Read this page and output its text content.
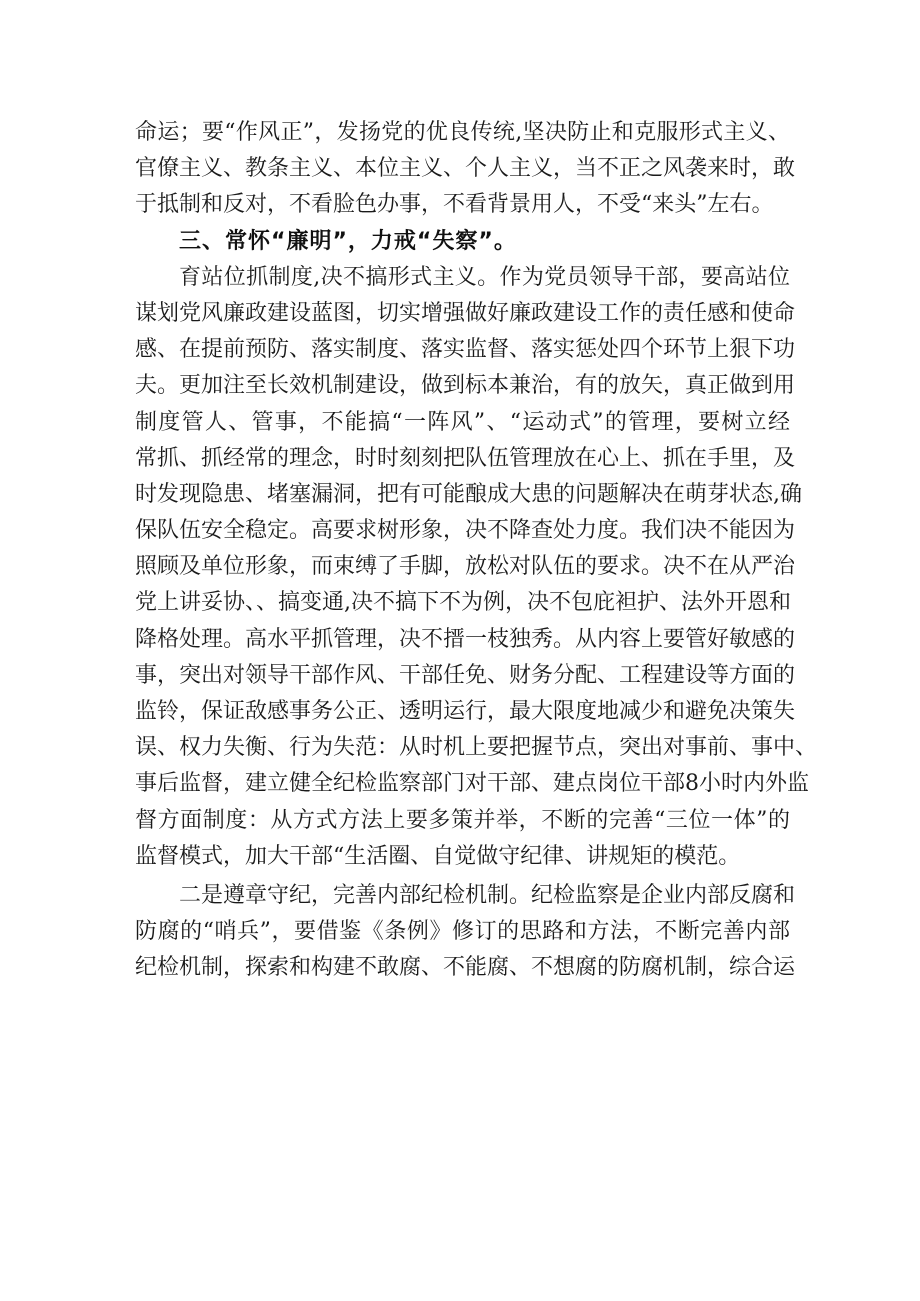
命运；要“作风正”，发扬党的优良传统,坚决防止和克服形式主义、
官僚主义、教条主义、本位主义、个人主义，当不正之风袭来时，敢
于抵制和反对，不看脸色办事，不看背景用人，不受“来头”左右。
三、常怀“廉明”，力戒“失察”。
育站位抓制度,决不搞形式主义。作为党员领导干部，要高站位
谋划党风廉政建设蓝图，切实增强做好廉政建设工作的责任感和使命
感、在提前预防、落实制度、落实监督、落实惩处四个环节上狠下功
夫。更加注至长效机制建设，做到标本兼治，有的放矢，真正做到用
制度管人、管事，不能搞“一阵风”、“运动式”的管理，要树立经
常抓、抓经常的理念，时时刻刻把队伍管理放在心上、抓在手里，及
时发现隐患、堵塞漏洞，把有可能酿成大患的问题解决在萌芽状态,确
保队伍安全稳定。高要求树形象，决不降查处力度。我们决不能因为
照顾及单位形象，而束缚了手脚，放松对队伍的要求。决不在从严治
党上讲妥协、、搞变通,决不搞下不为例，决不包庇袒护、法外开恩和
降格处理。高水平抓管理，决不搢一枝独秀。从内容上要管好敏感的
事，突出对领导干部作风、干部任免、财务分配、工程建设等方面的
监铃，保证敌感事务公正、透明运行，最大限度地减少和避免决策失
误、权力失衡、行为失范：从时机上要把握节点，突出对事前、事中、
事后监督，建立健全纪检监察部门对干部、建点岗位干部8小时内外监
督方面制度：从方式方法上要多策并举，不断的完善“三位一体”的
监督模式，加大干部“生活圈、自觉做守纪律、讲规矩的模范。
二是遵章守纪，完善内部纪检机制。纪检监察是企业内部反腐和
防腐的“哨兵”，要借鉴《条例》修订的思路和方法，不断完善内部
纪检机制，探索和构建不敢腐、不能腐、不想腐的防腐机制，综合运
